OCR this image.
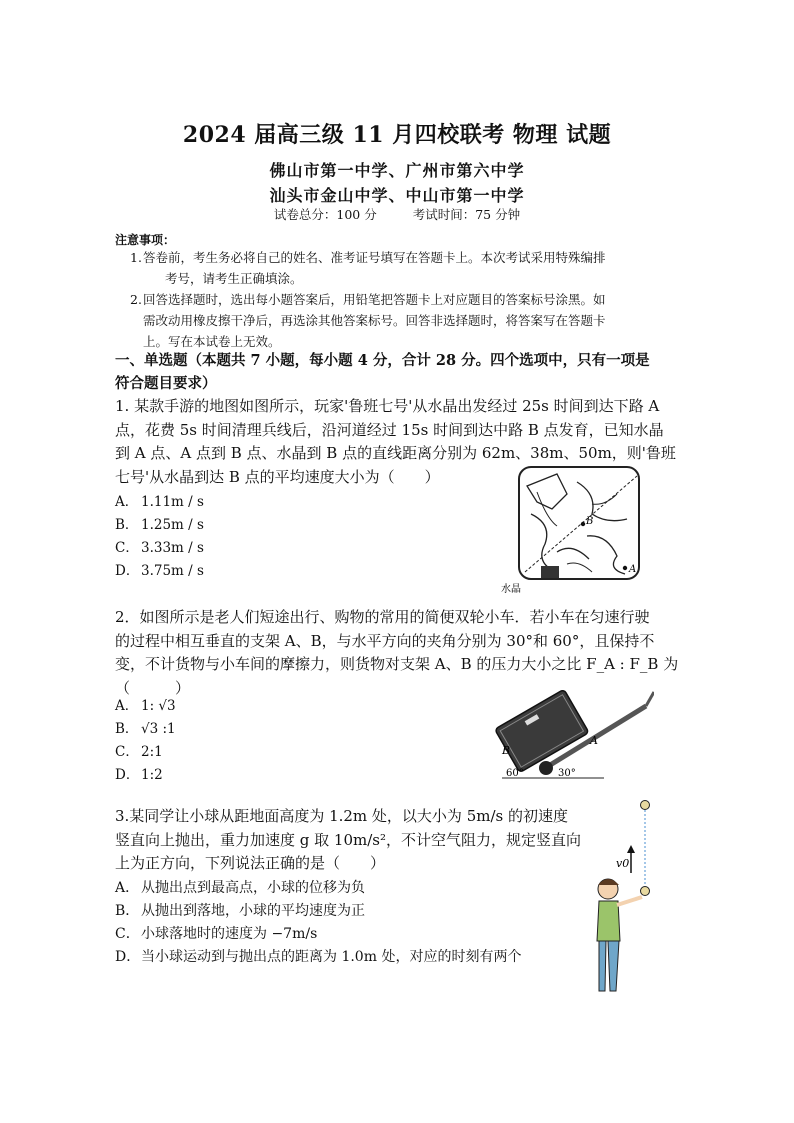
2024 届高三级 11 月四校联考 物理 试题
佛山市第一中学、广州市第六中学
汕头市金山中学、中山市第一中学
试卷总分：100 分	考试时间：75 分钟
注意事项：
1. 答卷前，考生务必将自己的姓名、准考证号填写在答题卡上。本次考试采用特殊编排
考号，请考生正确填涂。
2. 回答选择题时，选出每小题答案后，用铅笔把答题卡上对应题目的答案标号涂黑。如
需改动用橡皮擦干净后，再选涂其他答案标号。回答非选择题时，将答案写在答题卡
上。写在本试卷上无效。
一、单选题（本题共 7 小题，每小题 4 分，合计 28 分。四个选项中，只有一项是
符合题目要求）
1. 某款手游的地图如图所示，玩家'鲁班七号'从水晶出发经过 25s 时间到达下路 A
点，花费 5s 时间清理兵线后，沿河道经过 15s 时间到达中路 B 点发育，已知水晶
到 A 点、A 点到 B 点、水晶到 B 点的直线距离分别为 62m、38m、50m，则'鲁班
七号'从水晶到达 B 点的平均速度大小为（　　）
A． 1.11m / s
B． 1.25m / s
C． 3.33m / s
D． 3.75m / s
B
A
水晶
2．如图所示是老人们短途出行、购物的常用的简便双轮小车．若小车在匀速行驶
的过程中相互垂直的支架 A、B，与水平方向的夹角分别为 30°和 60°，且保持不
变，不计货物与小车间的摩擦力，则货物对支架 A、B 的压力大小之比 F_A : F_B 为
（　　　）
A． 1: √3
B． √3 :1
C． 2:1
D． 1:2
B
A
60°	30°
3.某同学让小球从距地面高度为 1.2m 处，以大小为 5m/s 的初速度
竖直向上抛出，重力加速度 g 取 10m/s²，不计空气阻力，规定竖直向
上为正方向，下列说法正确的是（　　）
A． 从抛出点到最高点，小球的位移为负
B． 从抛出到落地，小球的平均速度为正
C．小球落地时的速度为 −7m/s
D．当小球运动到与抛出点的距离为 1.0m 处，对应的时刻有两个
v0
